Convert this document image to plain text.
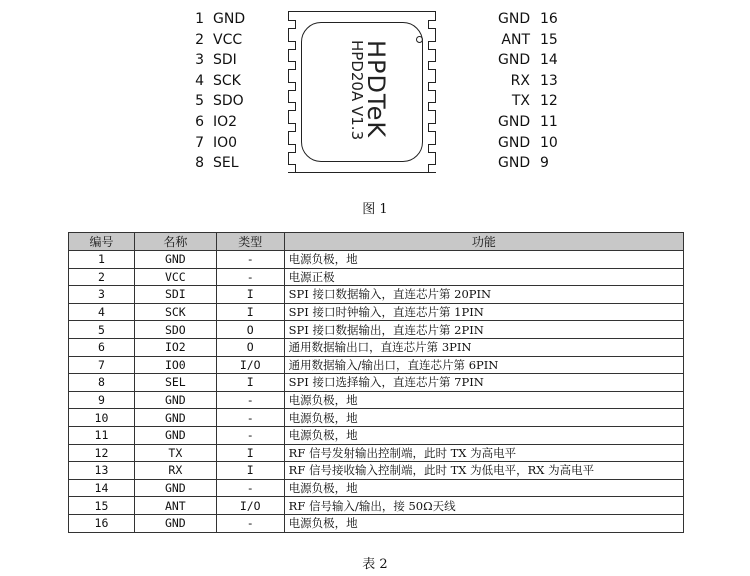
1 GND
2 VCC
3 SDI
4 SCK
5 SDO
6 IO2
7 IO0
8 SEL
GND 16
ANT 15
GND 14
RX 13
TX 12
GND 11
GND 10
GND 9
HPDTeK
HPD20A V1.3
图 1
编号	名称	类型	功能
1	GND	-	电源负极，地
2	VCC	-	电源正极
3	SDI	I	SPI 接口数据输入，直连芯片第 20PIN
4	SCK	I	SPI 接口时钟输入，直连芯片第 1PIN
5	SDO	O	SPI 接口数据输出，直连芯片第 2PIN
6	IO2	O	通用数据输出口，直连芯片第 3PIN
7	IO0	I/O	通用数据输入/输出口，直连芯片第 6PIN
8	SEL	I	SPI 接口选择输入，直连芯片第 7PIN
9	GND	-	电源负极，地
10	GND	-	电源负极，地
11	GND	-	电源负极，地
12	TX	I	RF 信号发射输出控制端，此时 TX 为高电平
13	RX	I	RF 信号接收输入控制端，此时 TX 为低电平，RX 为高电平
14	GND	-	电源负极，地
15	ANT	I/O	RF 信号输入/输出，接 50Ω天线
16	GND	-	电源负极，地
表 2
